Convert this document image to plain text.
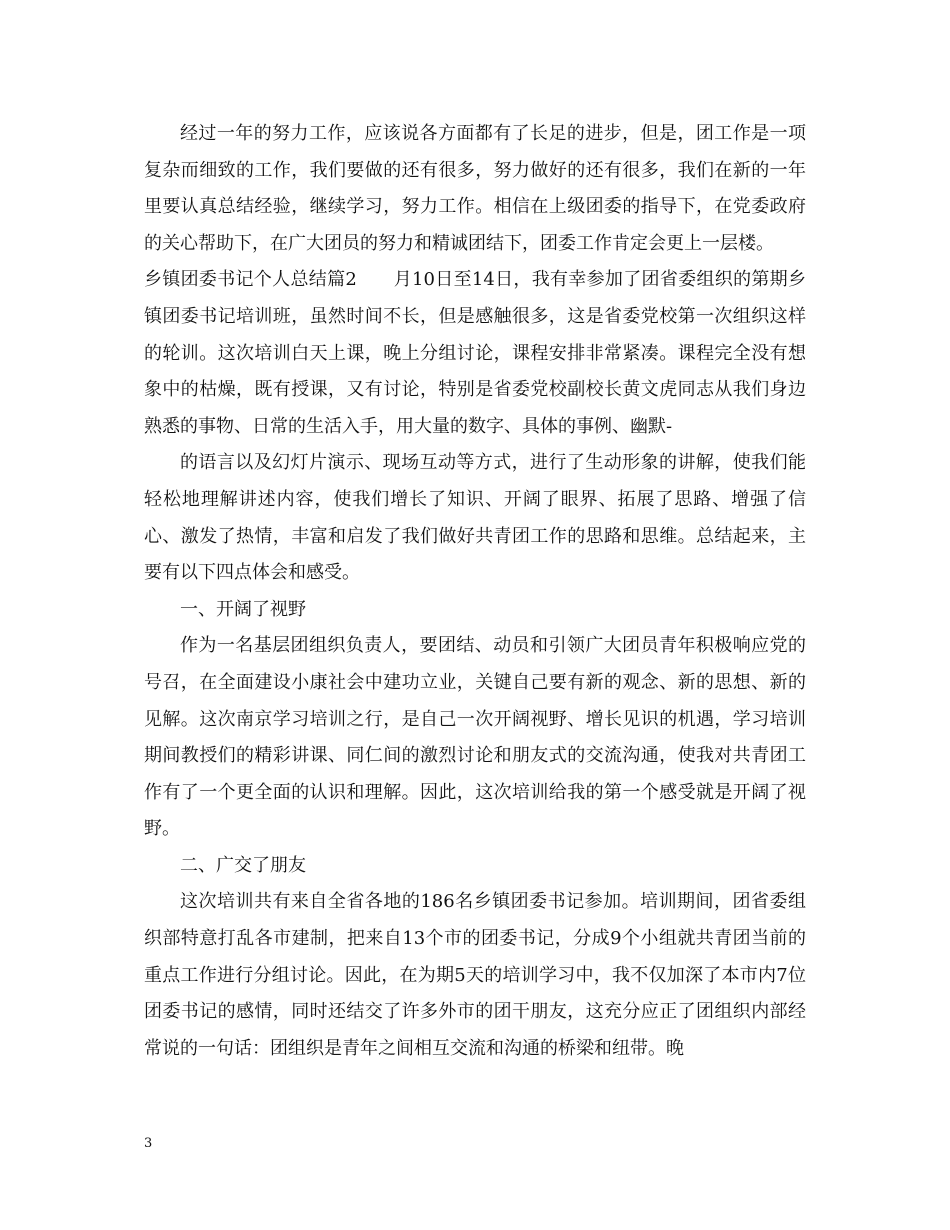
经过一年的努力工作，应该说各方面都有了长足的进步，但是，团工作是一项复杂而细致的工作，我们要做的还有很多，努力做好的还有很多，我们在新的一年里要认真总结经验，继续学习，努力工作。相信在上级团委的指导下，在党委政府的关心帮助下，在广大团员的努力和精诚团结下，团委工作肯定会更上一层楼。

乡镇团委书记个人总结篇2　　月10日至14日，我有幸参加了团省委组织的第期乡镇团委书记培训班，虽然时间不长，但是感触很多，这是省委党校第一次组织这样的轮训。这次培训白天上课，晚上分组讨论，课程安排非常紧凑。课程完全没有想象中的枯燥，既有授课，又有讨论，特别是省委党校副校长黄文虎同志从我们身边熟悉的事物、日常的生活入手，用大量的数字、具体的事例、幽默-

的语言以及幻灯片演示、现场互动等方式，进行了生动形象的讲解，使我们能轻松地理解讲述内容，使我们增长了知识、开阔了眼界、拓展了思路、增强了信心、激发了热情，丰富和启发了我们做好共青团工作的思路和思维。总结起来，主要有以下四点体会和感受。

一、开阔了视野

作为一名基层团组织负责人，要团结、动员和引领广大团员青年积极响应党的号召，在全面建设小康社会中建功立业，关键自己要有新的观念、新的思想、新的见解。这次南京学习培训之行，是自己一次开阔视野、增长见识的机遇，学习培训期间教授们的精彩讲课、同仁间的激烈讨论和朋友式的交流沟通，使我对共青团工作有了一个更全面的认识和理解。因此，这次培训给我的第一个感受就是开阔了视野。

二、广交了朋友

这次培训共有来自全省各地的186名乡镇团委书记参加。培训期间，团省委组织部特意打乱各市建制，把来自13个市的团委书记，分成9个小组就共青团当前的重点工作进行分组讨论。因此，在为期5天的培训学习中，我不仅加深了本市内7位团委书记的感情，同时还结交了许多外市的团干朋友，这充分应正了团组织内部经常说的一句话：团组织是青年之间相互交流和沟通的桥梁和纽带。晚

3
